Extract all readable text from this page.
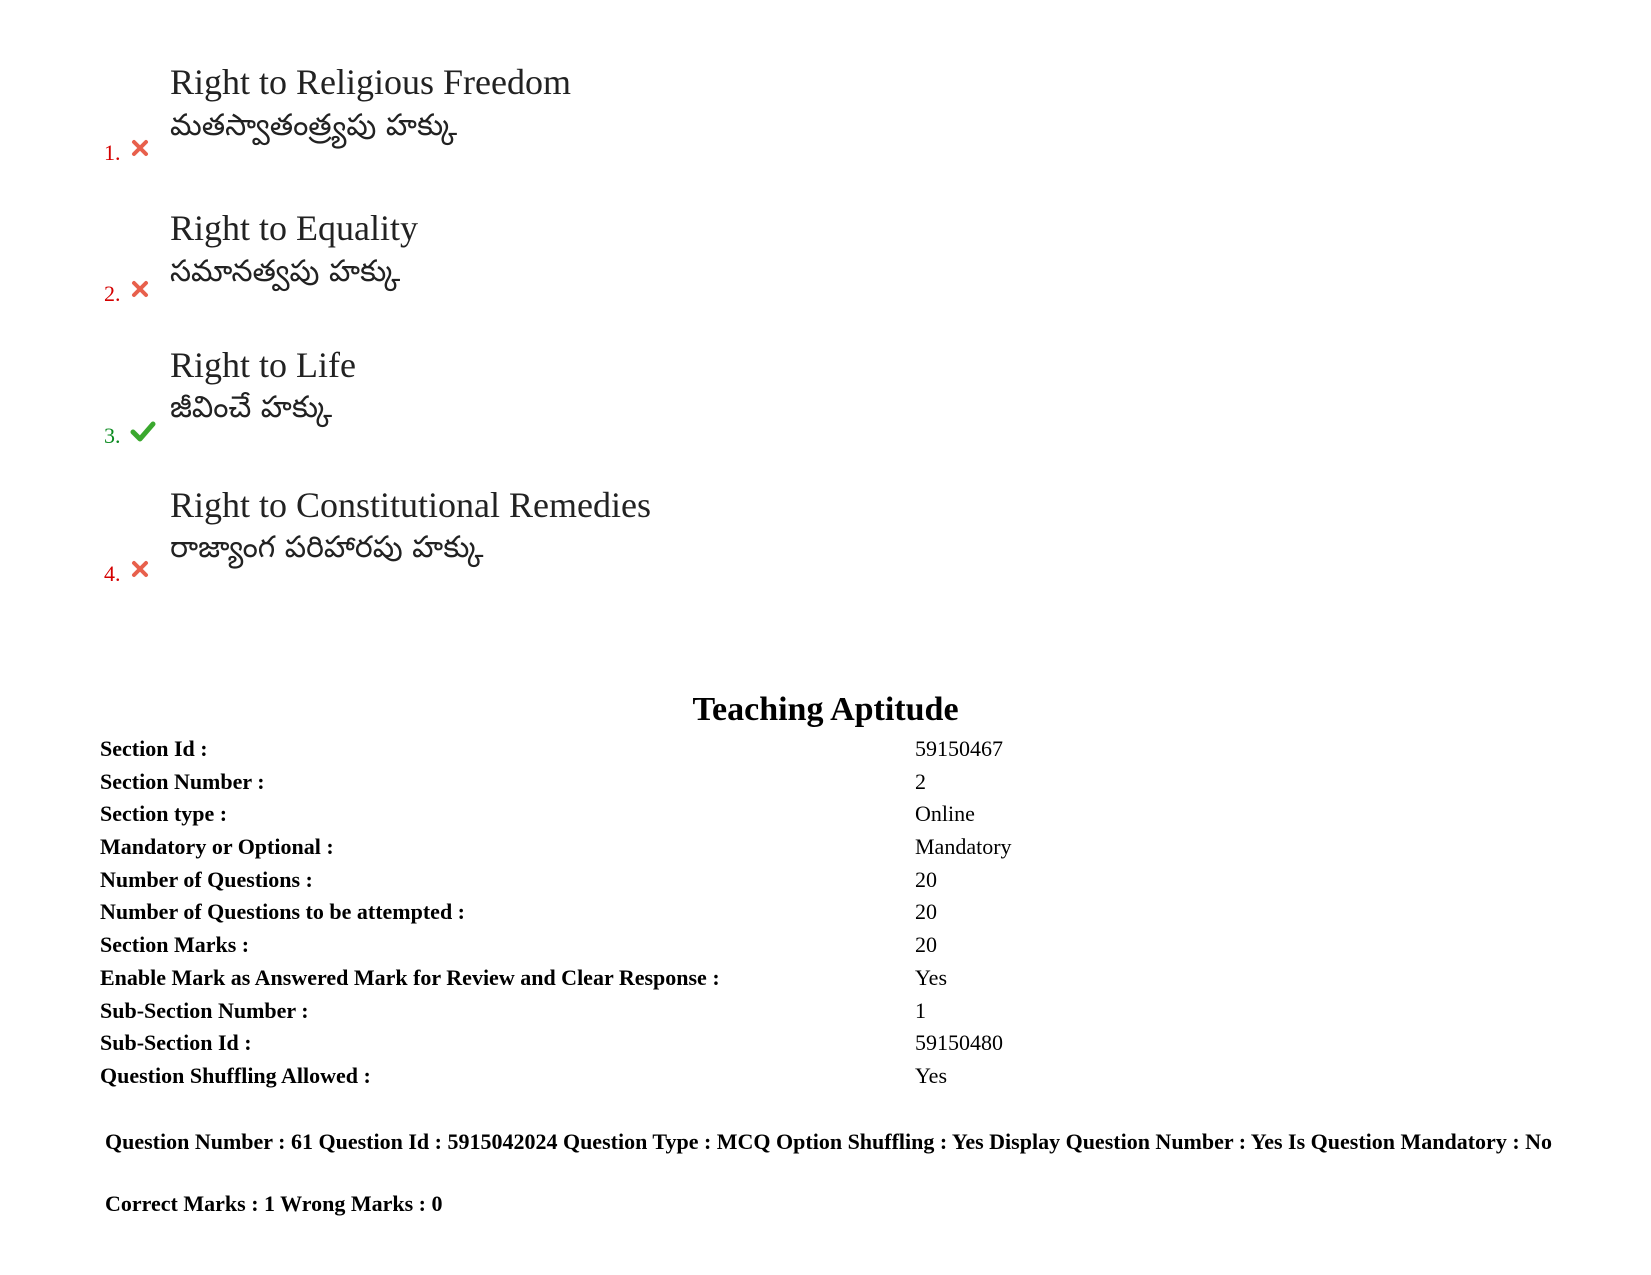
Right to Religious Freedom
మతస్వాతంత్ర్యపు హక్కు
1.
Right to Equality
సమానత్వపు హక్కు
2.
Right to Life
జీవించే హక్కు
3.
Right to Constitutional Remedies
రాజ్యాంగ పరిహారపు హక్కు
4.
Teaching Aptitude
Section Id :	59150467
Section Number :	2
Section type :	Online
Mandatory or Optional :	Mandatory
Number of Questions :	20
Number of Questions to be attempted :	20
Section Marks :	20
Enable Mark as Answered Mark for Review and Clear Response :	Yes
Sub-Section Number :	1
Sub-Section Id :	59150480
Question Shuffling Allowed :	Yes
Question Number : 61 Question Id : 5915042024 Question Type : MCQ Option Shuffling : Yes Display Question Number : Yes Is Question Mandatory : No
Correct Marks : 1 Wrong Marks : 0
